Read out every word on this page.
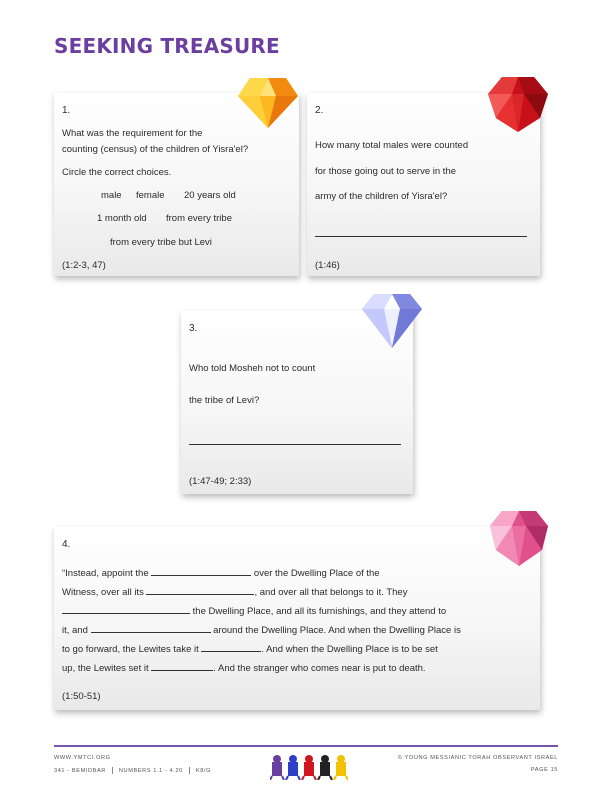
SEEKING TREASURE

1.

What was the requirement for the

counting (census) of the children of Yisra'el?

Circle the correct choices.

male female 20 years old

1 month old from every tribe

from every tribe but Levi

(1:2-3, 47)

2.

How many total males were counted

for those going out to serve in the

army of the children of Yisra'el?

(1:46)

3.

Who told Mosheh not to count

the tribe of Levi?

(1:47-49; 2:33)

4.

“Instead, appoint the	over the Dwelling Place of the

Witness, over all its	, and over all that belongs to it. They

the Dwelling Place, and all its furnishings, and they attend to

it, and	around the Dwelling Place. And when the Dwelling Place is

to go forward, the Lewites take it	. And when the Dwelling Place is to be set

up, the Lewites set it	. And the stranger who comes near is put to death.

(1:50-51)

WWW.YMTCI.ORG
341 - BEMIDBAR NUMBERS 1.1 - 4.20 K8/G
© YOUNG MESSIANIC TORAH OBSERVANT ISRAEL
PAGE 15
